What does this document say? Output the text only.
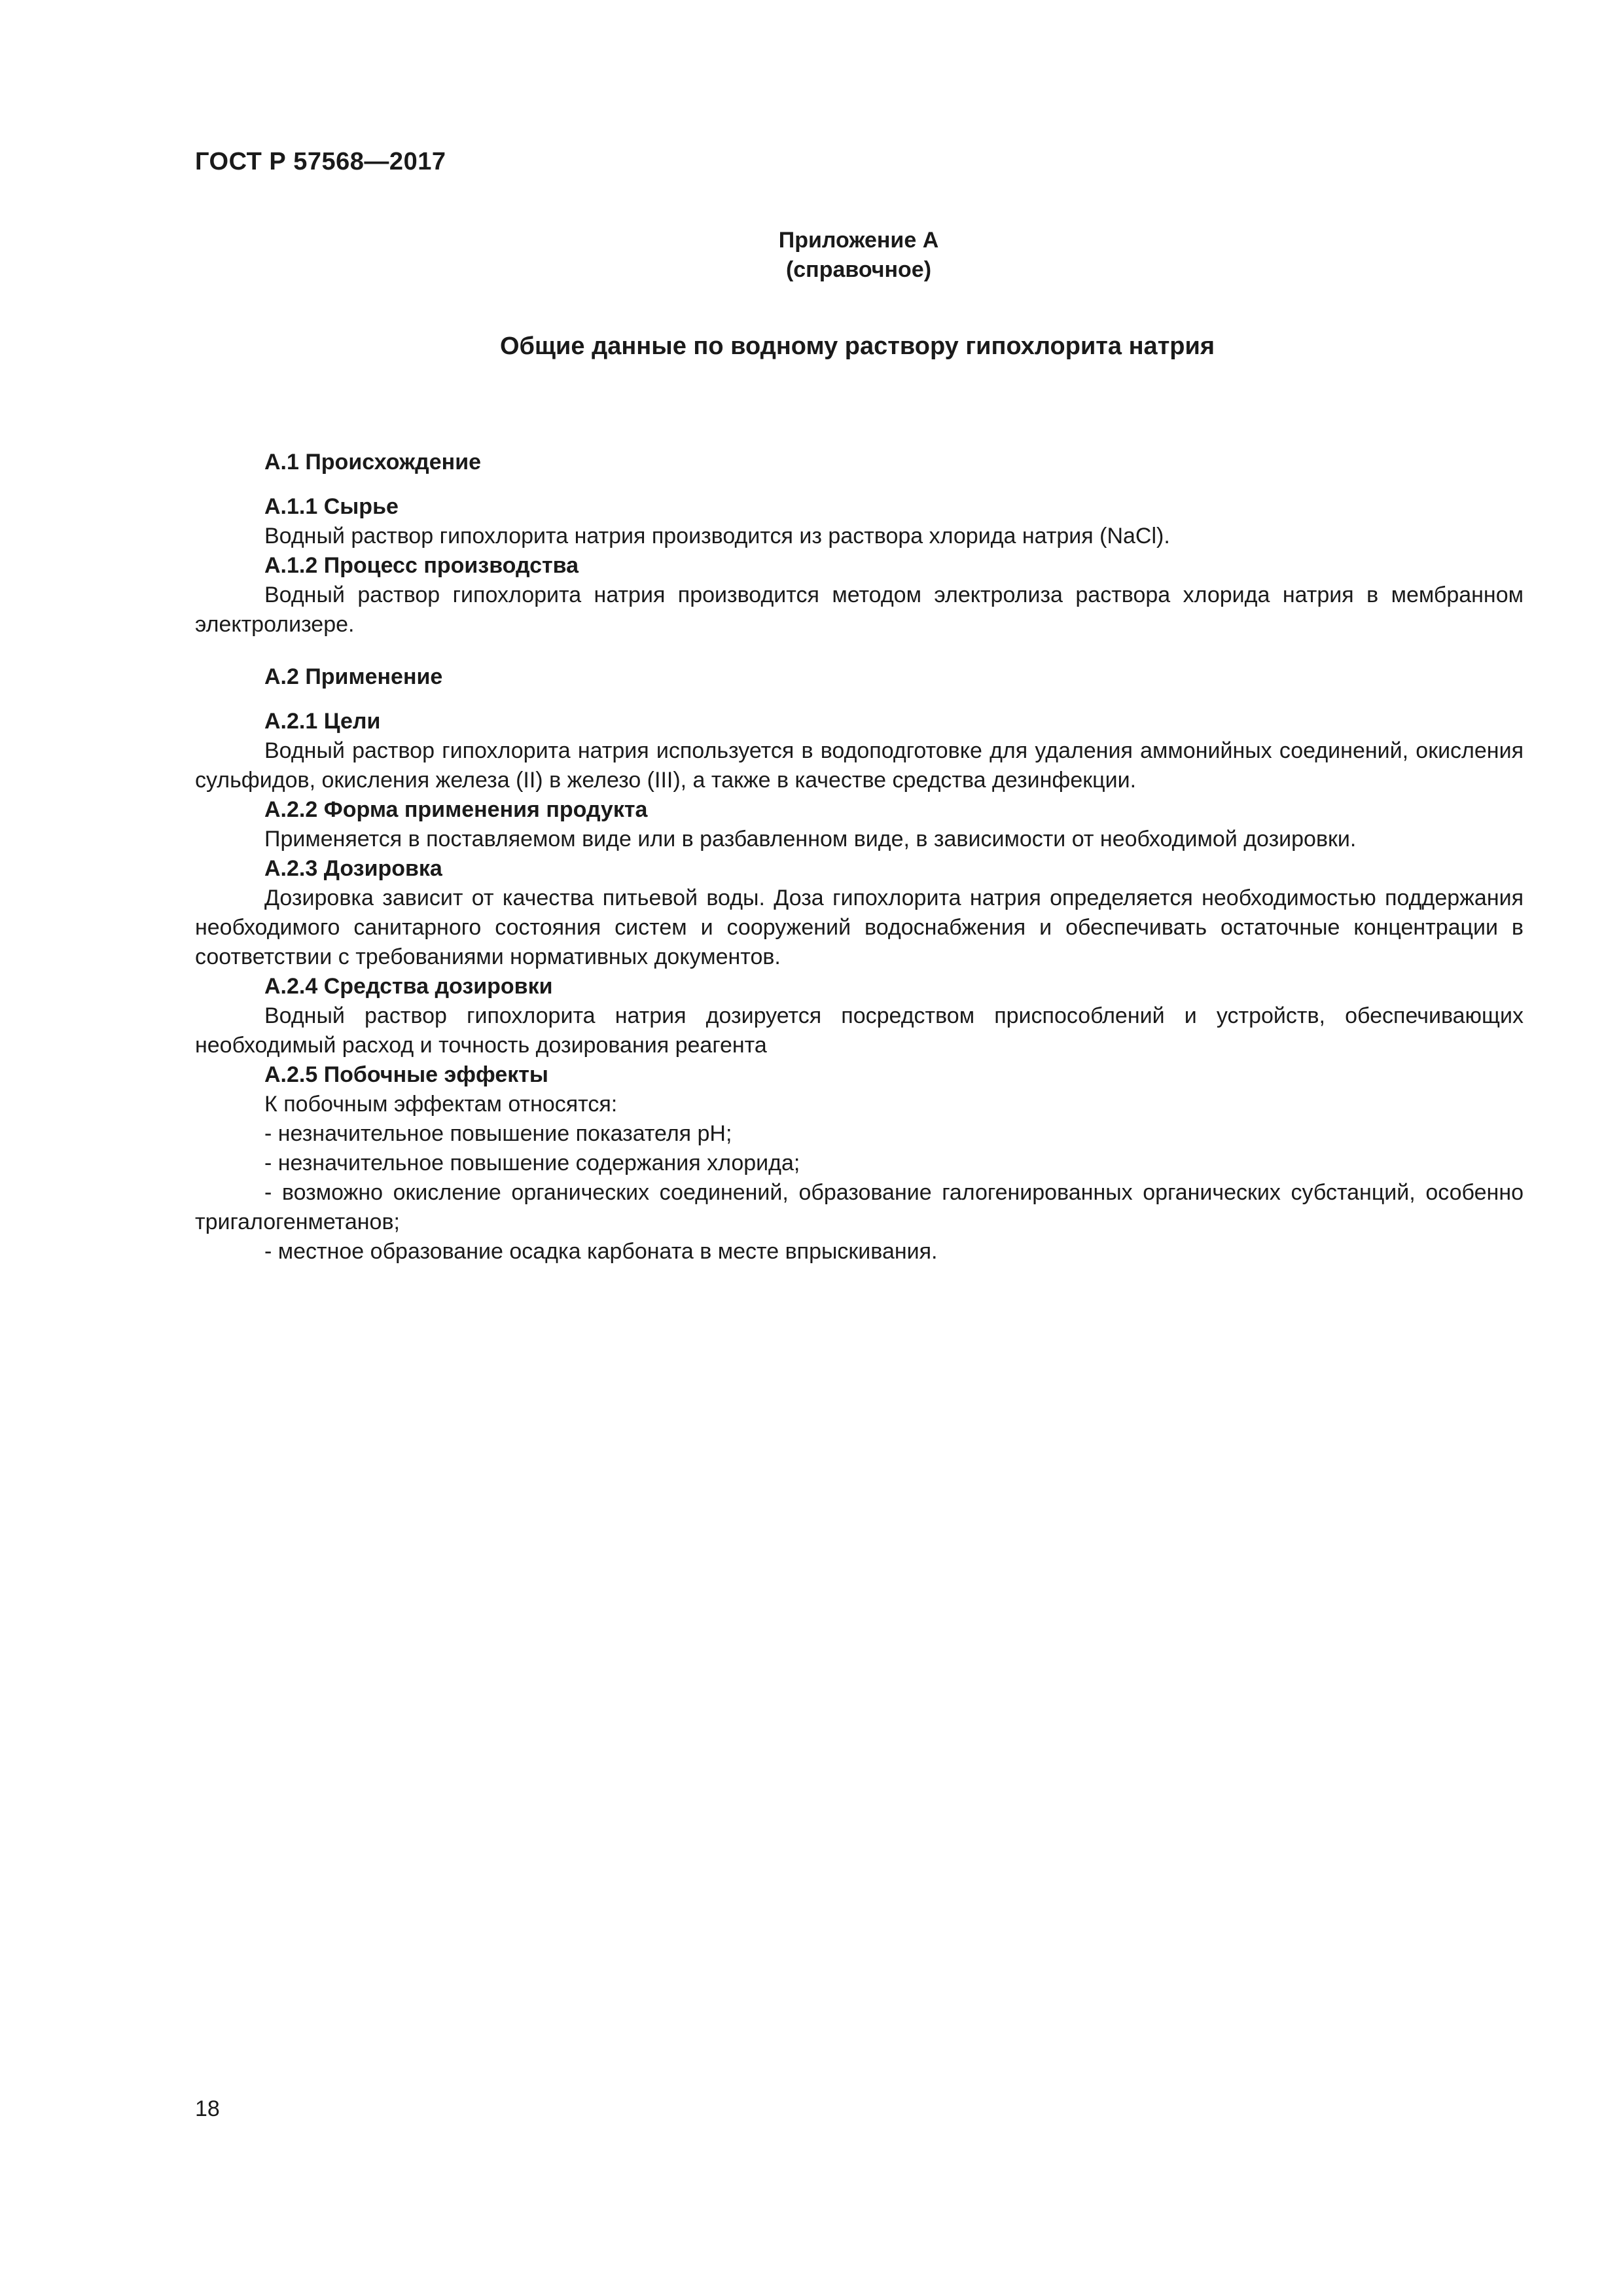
ГОСТ Р 57568—2017
Приложение А
(справочное)
Общие данные по водному раствору гипохлорита натрия
А.1 Происхождение
А.1.1 Сырье
Водный раствор гипохлорита натрия производится из раствора хлорида натрия (NaCl).
А.1.2 Процесс производства
Водный раствор гипохлорита натрия производится методом электролиза раствора хлорида натрия в мембранном электролизере.
А.2 Применение
А.2.1 Цели
Водный раствор гипохлорита натрия используется в водоподготовке для удаления аммонийных соединений, окисления сульфидов, окисления железа (II) в железо (III), а также в качестве средства дезинфекции.
А.2.2 Форма применения продукта
Применяется в поставляемом виде или в разбавленном виде, в зависимости от необходимой дозировки.
А.2.3 Дозировка
Дозировка зависит от качества питьевой воды. Доза гипохлорита натрия определяется необходимостью поддержания необходимого санитарного состояния систем и сооружений водоснабжения и обеспечивать остаточные концентрации в соответствии с требованиями нормативных документов.
А.2.4 Средства дозировки
Водный раствор гипохлорита натрия дозируется посредством приспособлений и устройств, обеспечивающих необходимый расход и точность дозирования реагента
А.2.5 Побочные эффекты
К побочным эффектам относятся:
- незначительное повышение показателя рН;
- незначительное повышение содержания хлорида;
- возможно окисление органических соединений, образование галогенированных органических субстанций, особенно тригалогенметанов;
- местное образование осадка карбоната в месте впрыскивания.
18
